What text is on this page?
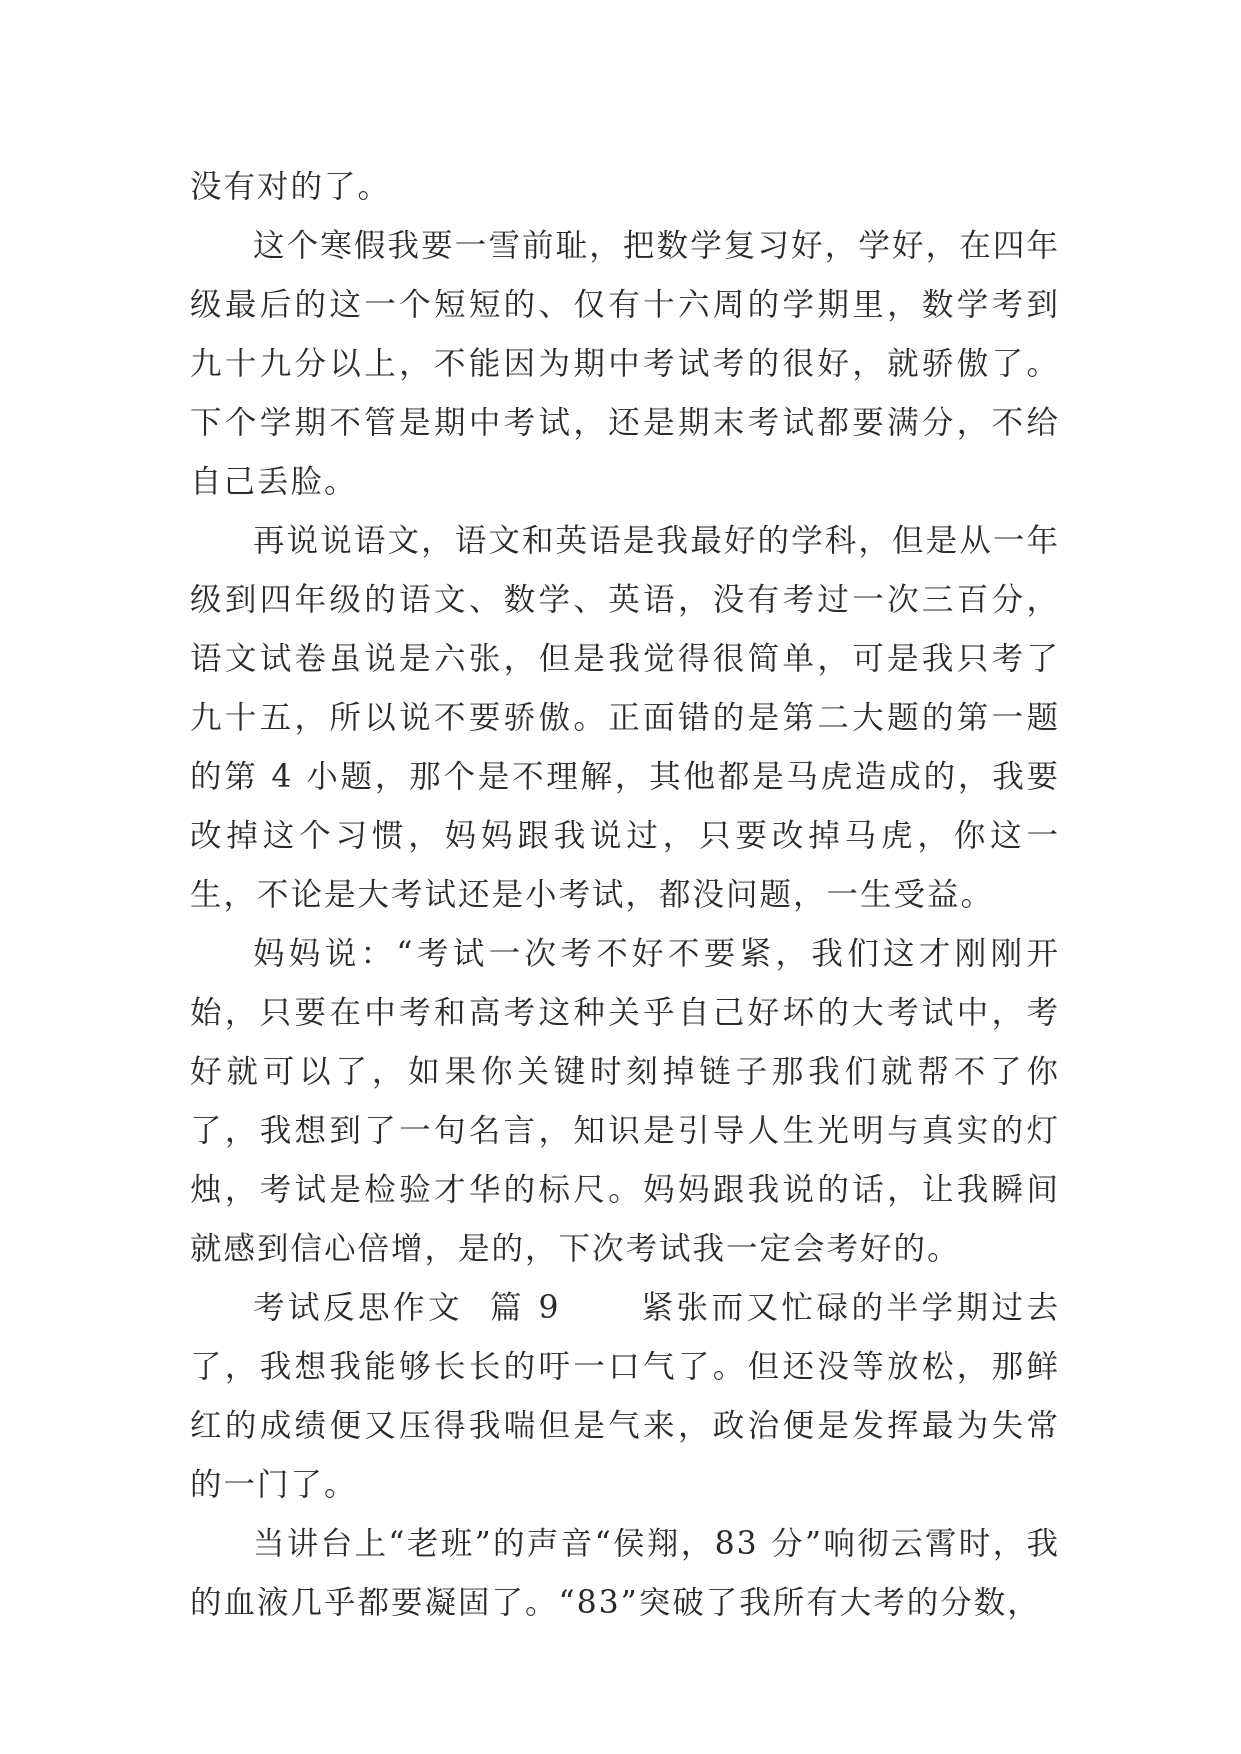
没有对的了。

这个寒假我要一雪前耻，把数学复习好，学好，在四年级最后的这一个短短的、仅有十六周的学期里，数学考到九十九分以上，不能因为期中考试考的很好，就骄傲了。下个学期不管是期中考试，还是期末考试都要满分，不给自己丢脸。

再说说语文，语文和英语是我最好的学科，但是从一年级到四年级的语文、数学、英语，没有考过一次三百分，语文试卷虽说是六张，但是我觉得很简单，可是我只考了九十五，所以说不要骄傲。正面错的是第二大题的第一题的第 4 小题，那个是不理解，其他都是马虎造成的，我要改掉这个习惯，妈妈跟我说过，只要改掉马虎，你这一生，不论是大考试还是小考试，都没问题，一生受益。

妈妈说：“考试一次考不好不要紧，我们这才刚刚开始，只要在中考和高考这种关乎自己好坏的大考试中，考好就可以了，如果你关键时刻掉链子那我们就帮不了你了，我想到了一句名言，知识是引导人生光明与真实的灯烛，考试是检验才华的标尺。妈妈跟我说的话，让我瞬间就感到信心倍增，是的，下次考试我一定会考好的。

考试反思作文  篇 9      紧张而又忙碌的半学期过去了，我想我能够长长的吁一口气了。但还没等放松，那鲜红的成绩便又压得我喘但是气来，政治便是发挥最为失常的一门了。

当讲台上“老班”的声音“侯翔，83 分”响彻云霄时，我的血液几乎都要凝固了。“83”突破了我所有大考的分数，
